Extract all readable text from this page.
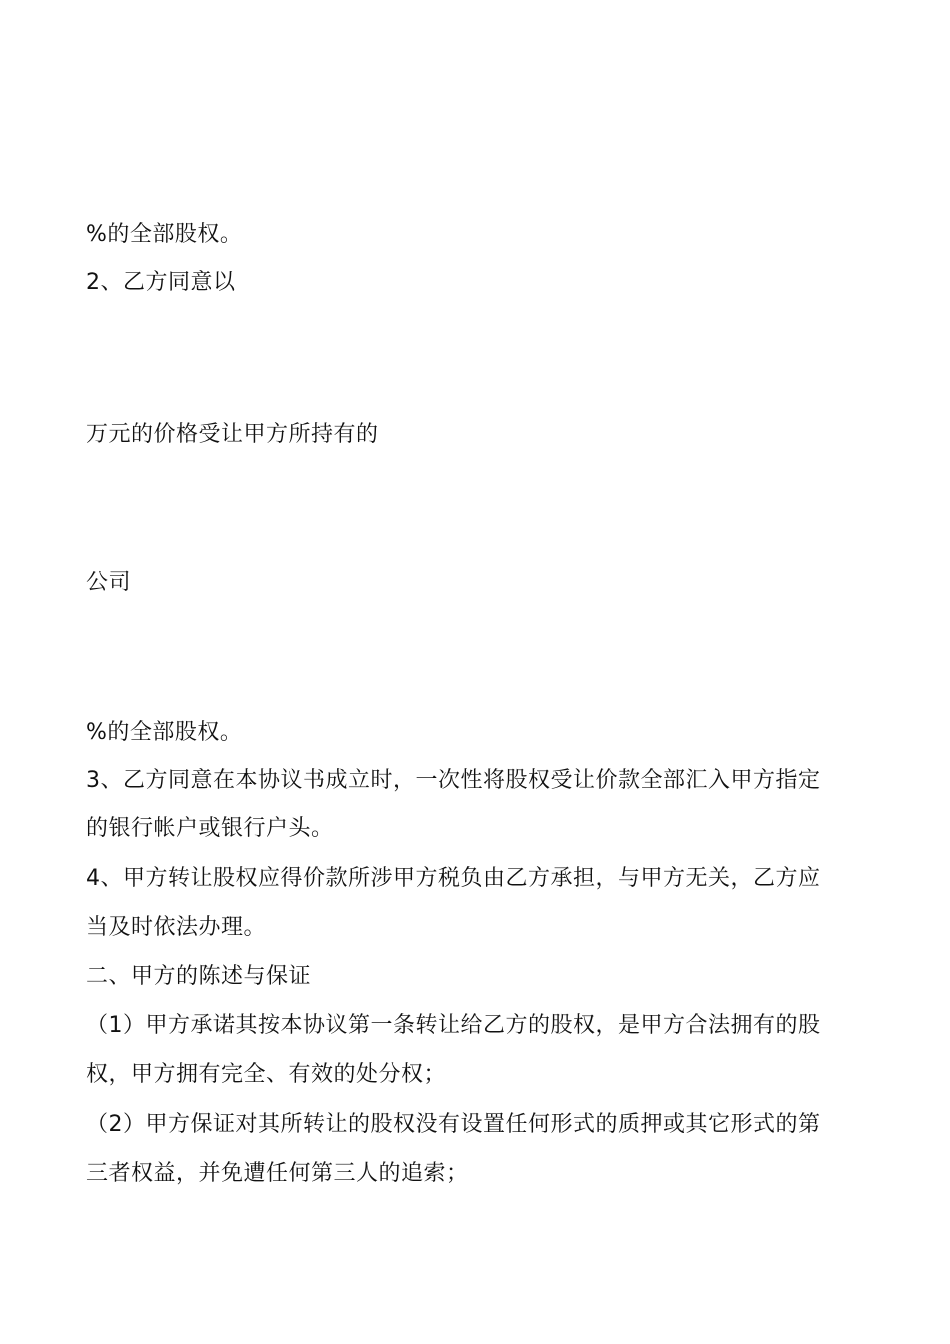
%的全部股权。
2、乙方同意以
万元的价格受让甲方所持有的
公司
%的全部股权。
3、乙方同意在本协议书成立时，一次性将股权受让价款全部汇入甲方指定
的银行帐户或银行户头。
4、甲方转让股权应得价款所涉甲方税负由乙方承担，与甲方无关，乙方应
当及时依法办理。
二、甲方的陈述与保证
（1）甲方承诺其按本协议第一条转让给乙方的股权，是甲方合法拥有的股
权，甲方拥有完全、有效的处分权；
（2）甲方保证对其所转让的股权没有设置任何形式的质押或其它形式的第
三者权益，并免遭任何第三人的追索；
